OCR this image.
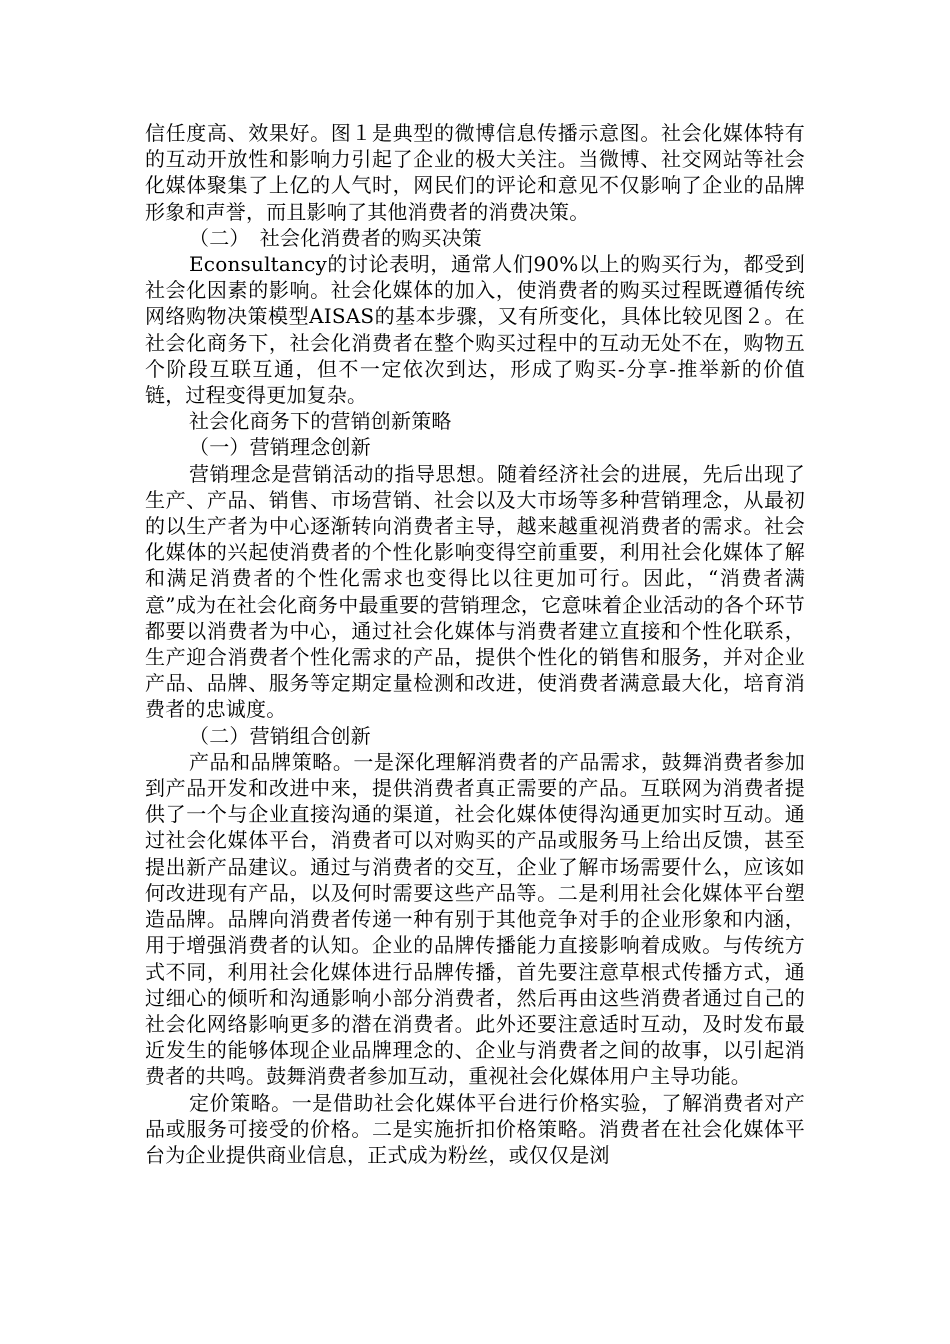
信任度高、效果好。图１是典型的微博信息传播示意图。社会化媒体特有的互动开放性和影响力引起了企业的极大关注。当微博、社交网站等社会化媒体聚集了上亿的人气时，网民们的评论和意见不仅影响了企业的品牌形象和声誉，而且影响了其他消费者的消费决策。

（二）　社会化消费者的购买决策

Econsultancy的讨论表明，通常人们90%以上的购买行为，都受到社会化因素的影响。社会化媒体的加入，使消费者的购买过程既遵循传统网络购物决策模型AISAS的基本步骤，又有所变化，具体比较见图２。在社会化商务下，社会化消费者在整个购买过程中的互动无处不在，购物五个阶段互联互通，但不一定依次到达，形成了购买-分享-推举新的价值链，过程变得更加复杂。

社会化商务下的营销创新策略

（一）营销理念创新

营销理念是营销活动的指导思想。随着经济社会的进展，先后出现了生产、产品、销售、市场营销、社会以及大市场等多种营销理念，从最初的以生产者为中心逐渐转向消费者主导，越来越重视消费者的需求。社会化媒体的兴起使消费者的个性化影响变得空前重要，利用社会化媒体了解和满足消费者的个性化需求也变得比以往更加可行。因此，“消费者满意”成为在社会化商务中最重要的营销理念，它意味着企业活动的各个环节都要以消费者为中心，通过社会化媒体与消费者建立直接和个性化联系，生产迎合消费者个性化需求的产品，提供个性化的销售和服务，并对企业产品、品牌、服务等定期定量检测和改进，使消费者满意最大化，培育消费者的忠诚度。

（二）营销组合创新

产品和品牌策略。一是深化理解消费者的产品需求，鼓舞消费者参加到产品开发和改进中来，提供消费者真正需要的产品。互联网为消费者提供了一个与企业直接沟通的渠道，社会化媒体使得沟通更加实时互动。通过社会化媒体平台，消费者可以对购买的产品或服务马上给出反馈，甚至提出新产品建议。通过与消费者的交互，企业了解市场需要什么，应该如何改进现有产品，以及何时需要这些产品等。二是利用社会化媒体平台塑造品牌。品牌向消费者传递一种有别于其他竞争对手的企业形象和内涵，用于增强消费者的认知。企业的品牌传播能力直接影响着成败。与传统方式不同，利用社会化媒体进行品牌传播，首先要注意草根式传播方式，通过细心的倾听和沟通影响小部分消费者，然后再由这些消费者通过自己的社会化网络影响更多的潜在消费者。此外还要注意适时互动，及时发布最近发生的能够体现企业品牌理念的、企业与消费者之间的故事，以引起消费者的共鸣。鼓舞消费者参加互动，重视社会化媒体用户主导功能。

定价策略。一是借助社会化媒体平台进行价格实验，了解消费者对产品或服务可接受的价格。二是实施折扣价格策略。消费者在社会化媒体平台为企业提供商业信息，正式成为粉丝，或仅仅是浏
